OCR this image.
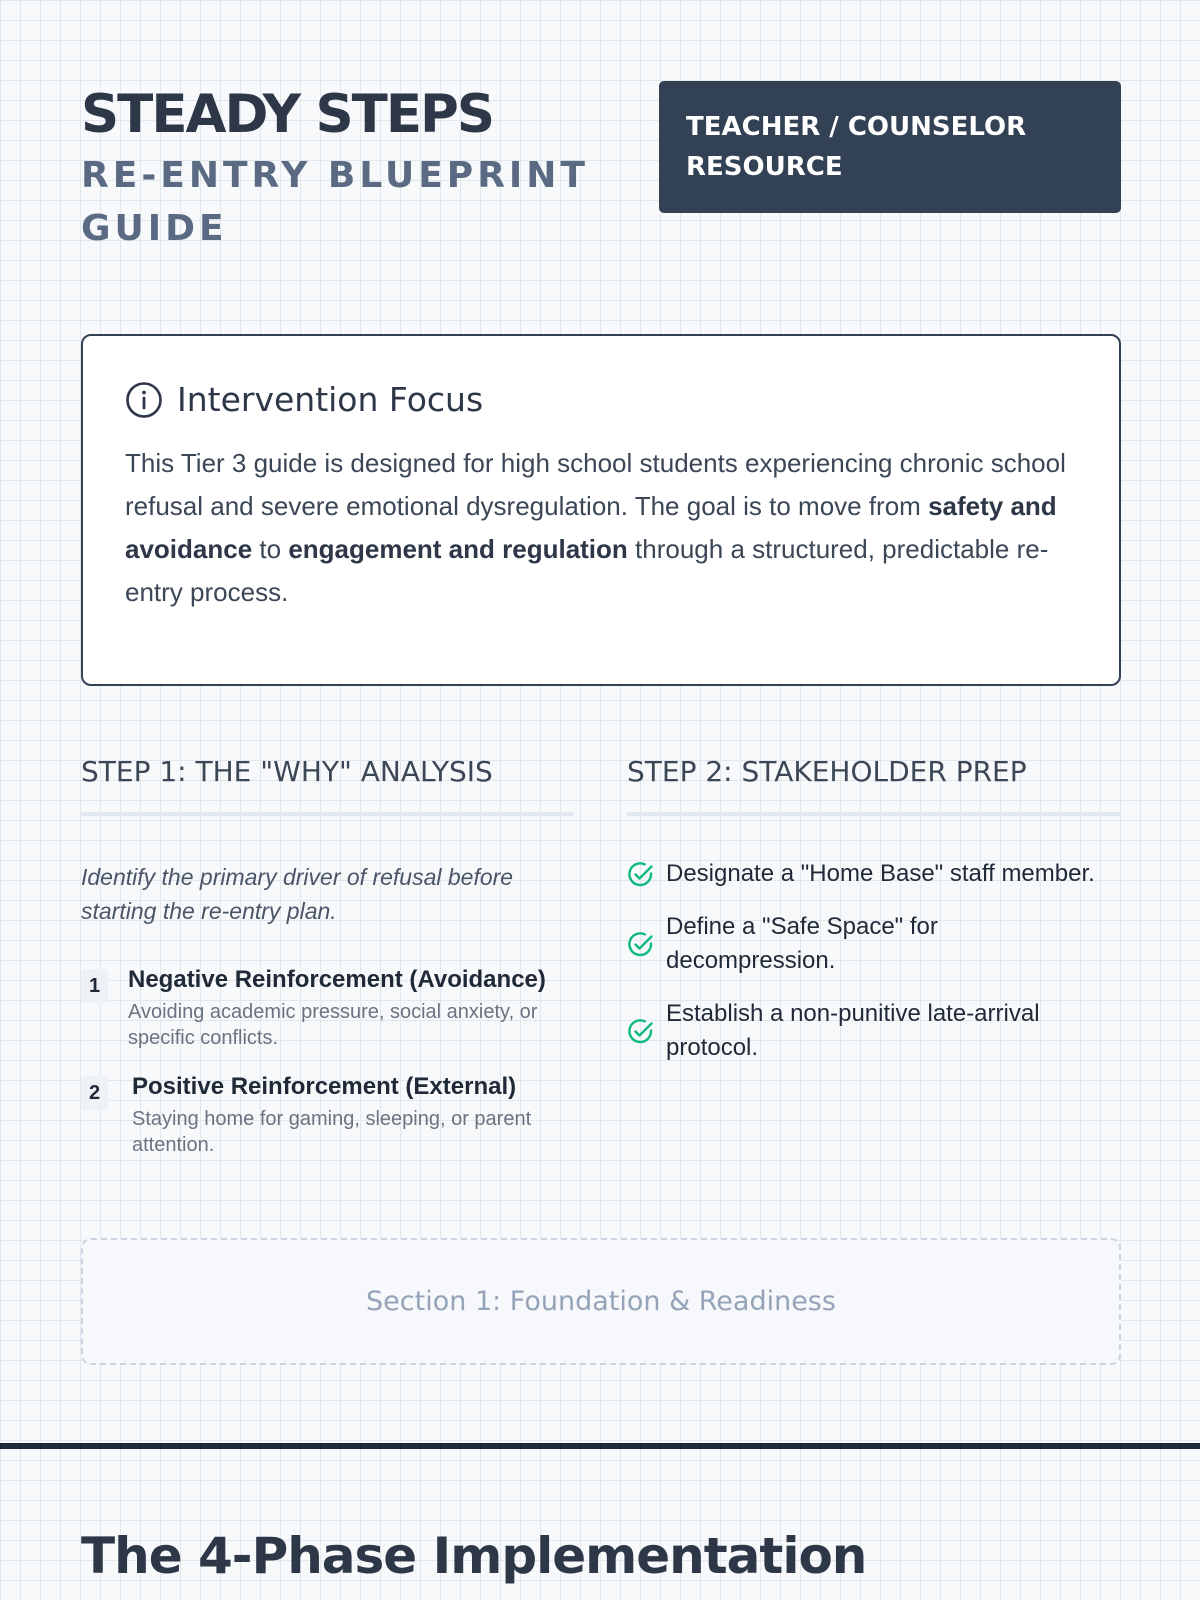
STEADY STEPS
RE-ENTRY BLUEPRINT GUIDE
TEACHER / COUNSELOR RESOURCE
Intervention Focus

This Tier 3 guide is designed for high school students experiencing chronic school refusal and severe emotional dysregulation. The goal is to move from safety and avoidance to engagement and regulation through a structured, predictable re-entry process.

STEP 1: THE "WHY" ANALYSIS	STEP 2: STAKEHOLDER PREP

Identify the primary driver of refusal before starting the re-entry plan.

1	Negative Reinforcement (Avoidance)
Avoiding academic pressure, social anxiety, or specific conflicts.
2	Positive Reinforcement (External)
Staying home for gaming, sleeping, or parent attention.
Designate a "Home Base" staff member.
Define a "Safe Space" for decompression.
Establish a non-punitive late-arrival protocol.
Section 1: Foundation & Readiness
The 4-Phase Implementation
